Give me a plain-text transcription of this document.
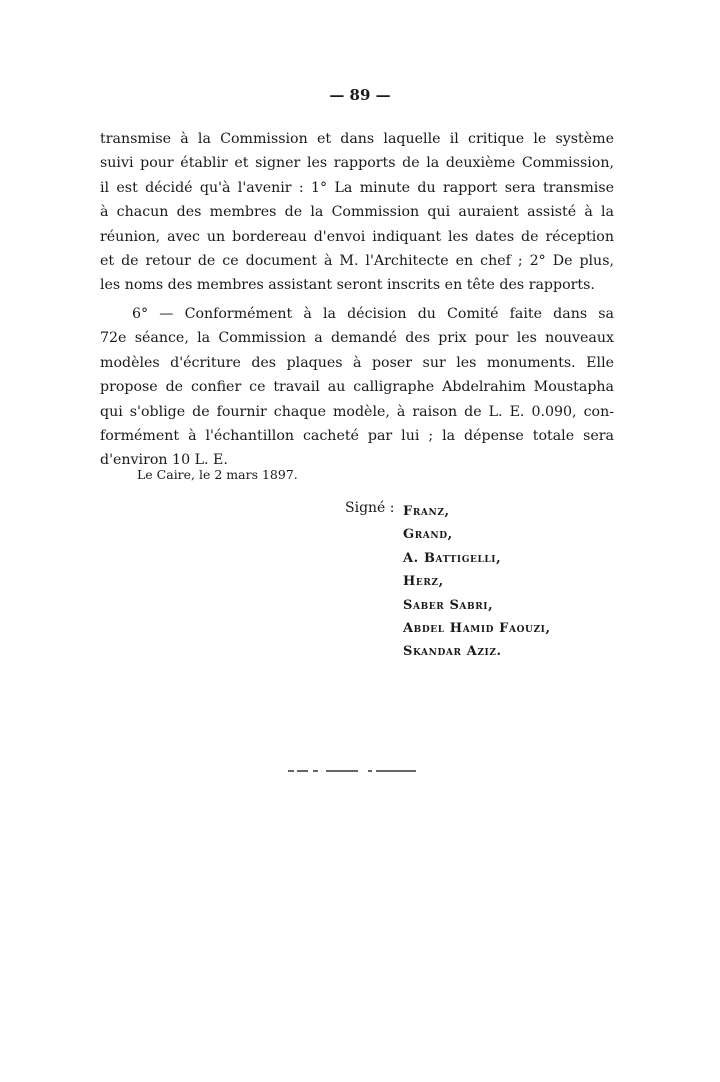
— 89 —
transmise à la Commission et dans laquelle il critique le système
suivi pour établir et signer les rapports de la deuxième Commission,
il est décidé qu'à l'avenir : 1° La minute du rapport sera transmise
à chacun des membres de la Commission qui auraient assisté à la
réunion, avec un bordereau d'envoi indiquant les dates de réception
et de retour de ce document à M. l'Architecte en chef ; 2° De plus,
les noms des membres assistant seront inscrits en tête des rapports.
6° — Conformément à la décision du Comité faite dans sa
72e séance, la Commission a demandé des prix pour les nouveaux
modèles d'écriture des plaques à poser sur les monuments. Elle
propose de confier ce travail au calligraphe Abdelrahim Moustapha
qui s'oblige de fournir chaque modèle, à raison de L. E. 0.090, con-
formément à l'échantillon cacheté par lui ; la dépense totale sera
d'environ 10 L. E.
Le Caire, le 2 mars 1897.
Signé : Franz,
Grand,
A. Battigelli,
Herz,
Saber Sabri,
Abdel Hamid Faouzi,
Skandar Aziz.
